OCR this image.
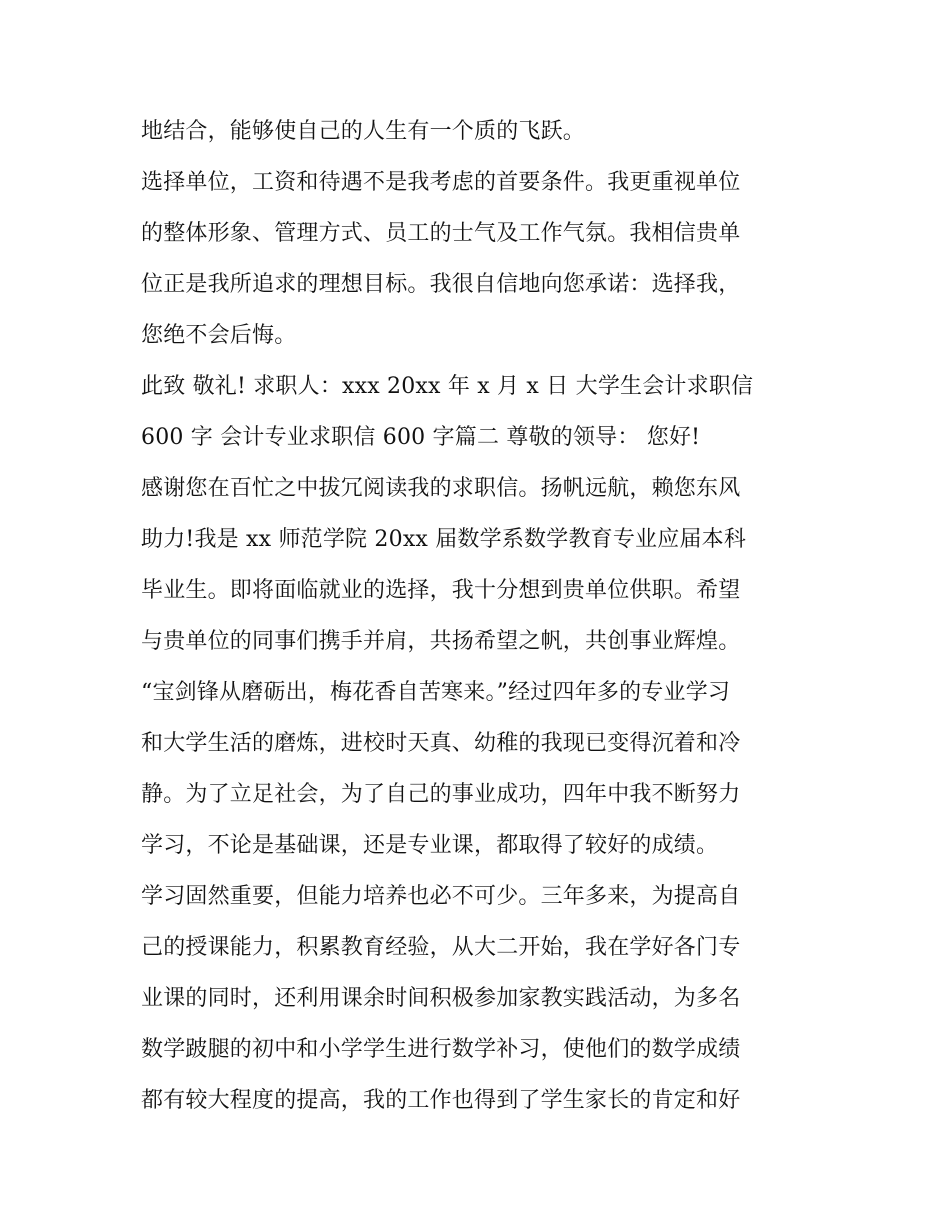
地结合，能够使自己的人生有一个质的飞跃。
选择单位，工资和待遇不是我考虑的首要条件。我更重视单位
的整体形象、管理方式、员工的士气及工作气氛。我相信贵单
位正是我所追求的理想目标。我很自信地向您承诺：选择我，
您绝不会后悔。
此致 敬礼! 求职人：xxx 20xx 年 x 月 x 日 大学生会计求职信
600 字 会计专业求职信 600 字篇二 尊敬的领导： 您好!
感谢您在百忙之中拔冗阅读我的求职信。扬帆远航，赖您东风
助力!我是 xx 师范学院 20xx 届数学系数学教育专业应届本科
毕业生。即将面临就业的选择，我十分想到贵单位供职。希望
与贵单位的同事们携手并肩，共扬希望之帆，共创事业辉煌。
“宝剑锋从磨砺出，梅花香自苦寒来。”经过四年多的专业学习
和大学生活的磨炼，进校时天真、幼稚的我现已变得沉着和冷
静。为了立足社会，为了自己的事业成功，四年中我不断努力
学习，不论是基础课，还是专业课，都取得了较好的成绩。
学习固然重要，但能力培养也必不可少。三年多来，为提高自
己的授课能力，积累教育经验，从大二开始，我在学好各门专
业课的同时，还利用课余时间积极参加家教实践活动，为多名
数学跛腿的初中和小学学生进行数学补习，使他们的数学成绩
都有较大程度的提高，我的工作也得到了学生家长的肯定和好
